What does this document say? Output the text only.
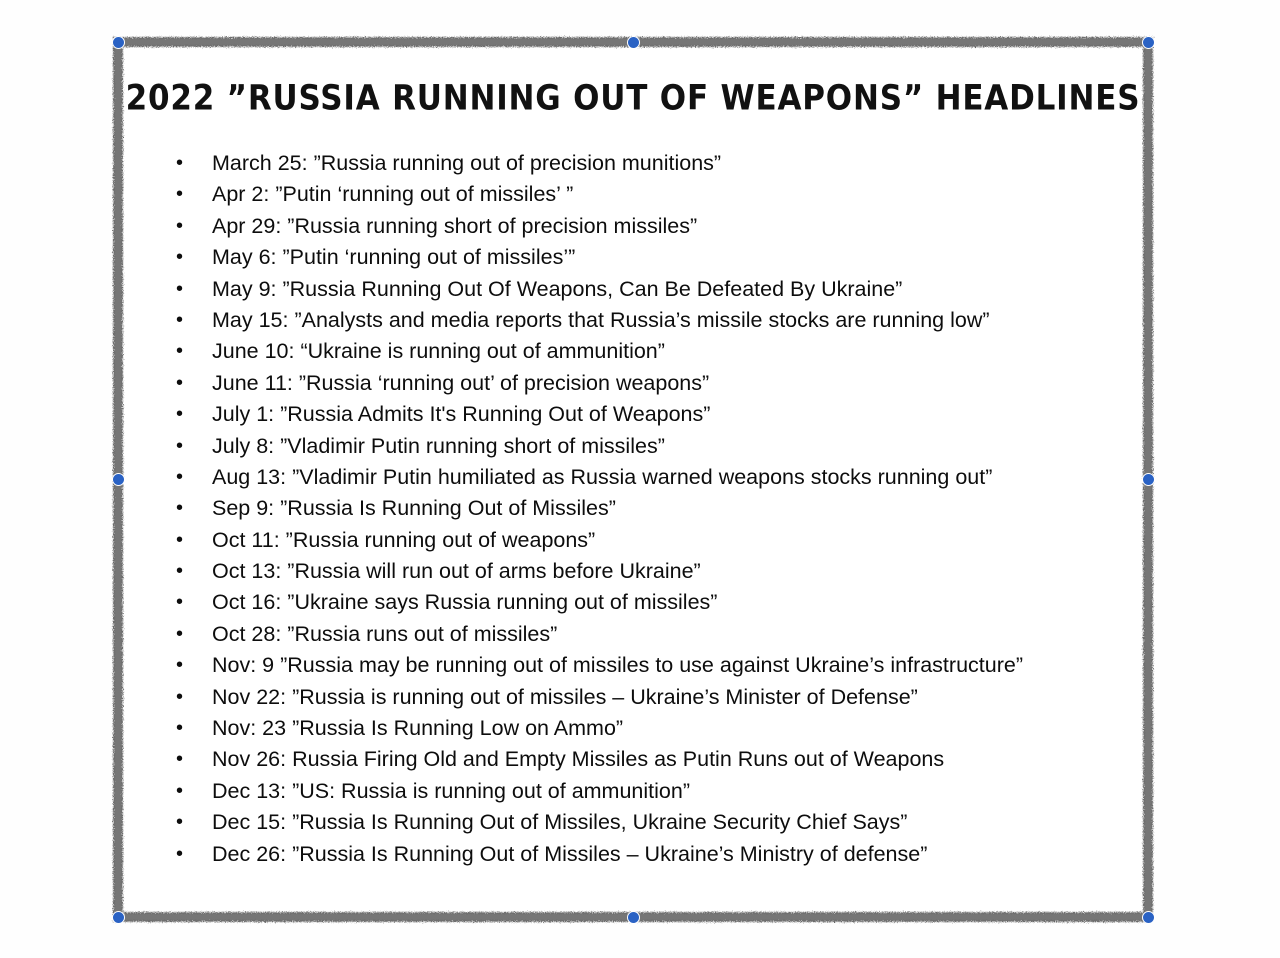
2022 ”RUSSIA RUNNING OUT OF WEAPONS” HEADLINES
• March 25: ”Russia running out of precision munitions”
• Apr 2: ”Putin ‘running out of missiles’ ”
• Apr 29: ”Russia running short of precision missiles”
• May 6: ”Putin ‘running out of missiles’”
• May 9: ”Russia Running Out Of Weapons, Can Be Defeated By Ukraine”
• May 15: ”Analysts and media reports that Russia’s missile stocks are running low”
• June 10: “Ukraine is running out of ammunition”
• June 11: ”Russia ‘running out’ of precision weapons”
• July 1: ”Russia Admits It's Running Out of Weapons”
• July 8: ”Vladimir Putin running short of missiles”
• Aug 13: ”Vladimir Putin humiliated as Russia warned weapons stocks running out”
• Sep 9: ”Russia Is Running Out of Missiles”
• Oct 11: ”Russia running out of weapons”
• Oct 13: ”Russia will run out of arms before Ukraine”
• Oct 16: ”Ukraine says Russia running out of missiles”
• Oct 28: ”Russia runs out of missiles”
• Nov: 9 ”Russia may be running out of missiles to use against Ukraine’s infrastructure”
• Nov 22: ”Russia is running out of missiles – Ukraine’s Minister of Defense”
• Nov: 23 ”Russia Is Running Low on Ammo”
• Nov 26: Russia Firing Old and Empty Missiles as Putin Runs out of Weapons
• Dec 13: ”US: Russia is running out of ammunition”
• Dec 15: ”Russia Is Running Out of Missiles, Ukraine Security Chief Says”
• Dec 26: ”Russia Is Running Out of Missiles – Ukraine’s Ministry of defense”
